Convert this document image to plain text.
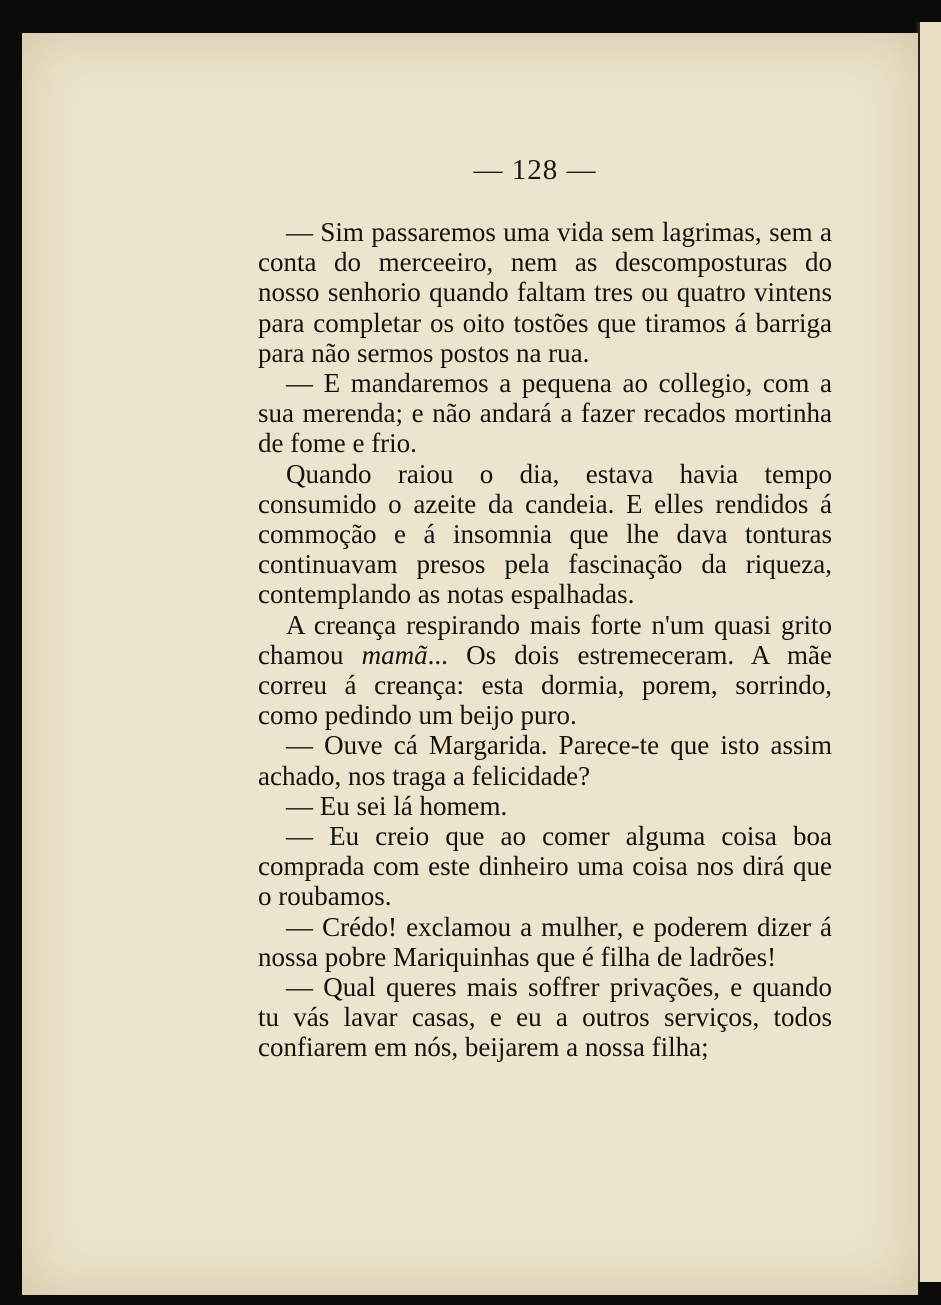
— 128 —

— Sim passaremos uma vida sem lagrimas, sem a conta do merceeiro, nem as descomposturas do nosso senhorio quando faltam tres ou quatro vintens para completar os oito tostões que tiramos á barriga para não sermos postos na rua.

— E mandaremos a pequena ao collegio, com a sua merenda; e não andará a fazer recados mortinha de fome e frio.

Quando raiou o dia, estava havia tempo consumido o azeite da candeia. E elles rendidos á commoção e á insomnia que lhe dava tonturas continuavam presos pela fascinação da riqueza, contemplando as notas espalhadas.

A creança respirando mais forte n'um quasi grito chamou mamã... Os dois estremeceram. A mãe correu á creança: esta dormia, porem, sorrindo, como pedindo um beijo puro.

— Ouve cá Margarida. Parece-te que isto assim achado, nos traga a felicidade?

— Eu sei lá homem.

— Eu creio que ao comer alguma coisa boa comprada com este dinheiro uma coisa nos dirá que o roubamos.

— Crédo! exclamou a mulher, e poderem dizer á nossa pobre Mariquinhas que é filha de ladrões!

— Qual queres mais soffrer privações, e quando tu vás lavar casas, e eu a outros serviços, todos confiarem em nós, beijarem a nossa filha;
